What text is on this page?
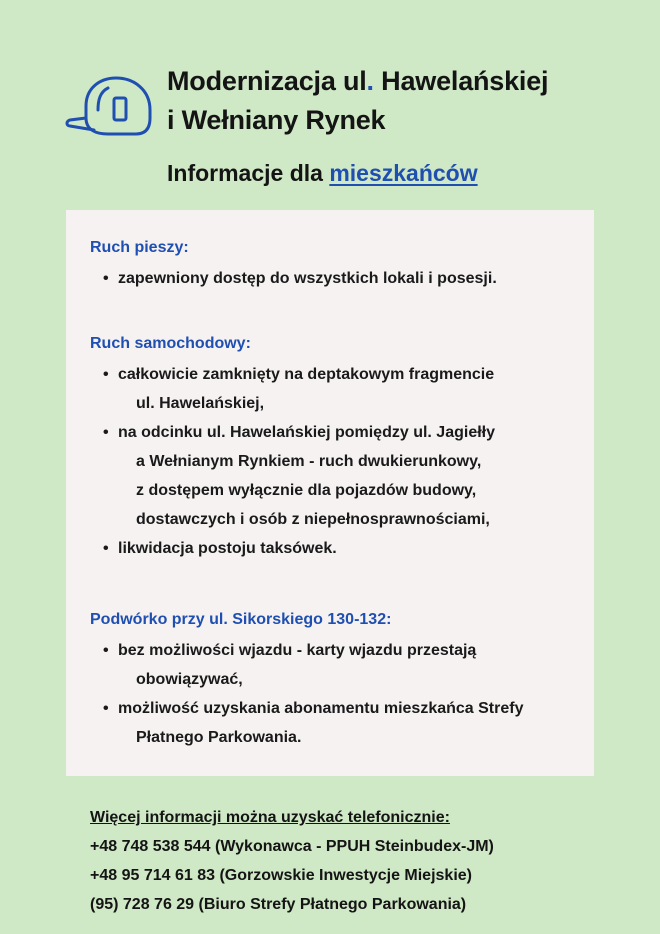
Modernizacja ul. Hawelańskiej
i Wełniany Rynek
Informacje dla mieszkańców
Ruch pieszy:
• zapewniony dostęp do wszystkich lokali i posesji.
Ruch samochodowy:
• całkowicie zamknięty na deptakowym fragmencie
ul. Hawelańskiej,
• na odcinku ul. Hawelańskiej pomiędzy ul. Jagiełły
a Wełnianym Rynkiem - ruch dwukierunkowy,
z dostępem wyłącznie dla pojazdów budowy,
dostawczych i osób z niepełnosprawnościami,
• likwidacja postoju taksówek.
Podwórko przy ul. Sikorskiego 130-132:
• bez możliwości wjazdu - karty wjazdu przestają
obowiązywać,
• możliwość uzyskania abonamentu mieszkańca Strefy
Płatnego Parkowania.
Więcej informacji można uzyskać telefonicznie:
+48 748 538 544 (Wykonawca - PPUH Steinbudex-JM)
+48 95 714 61 83 (Gorzowskie Inwestycje Miejskie)
(95) 728 76 29 (Biuro Strefy Płatnego Parkowania)
